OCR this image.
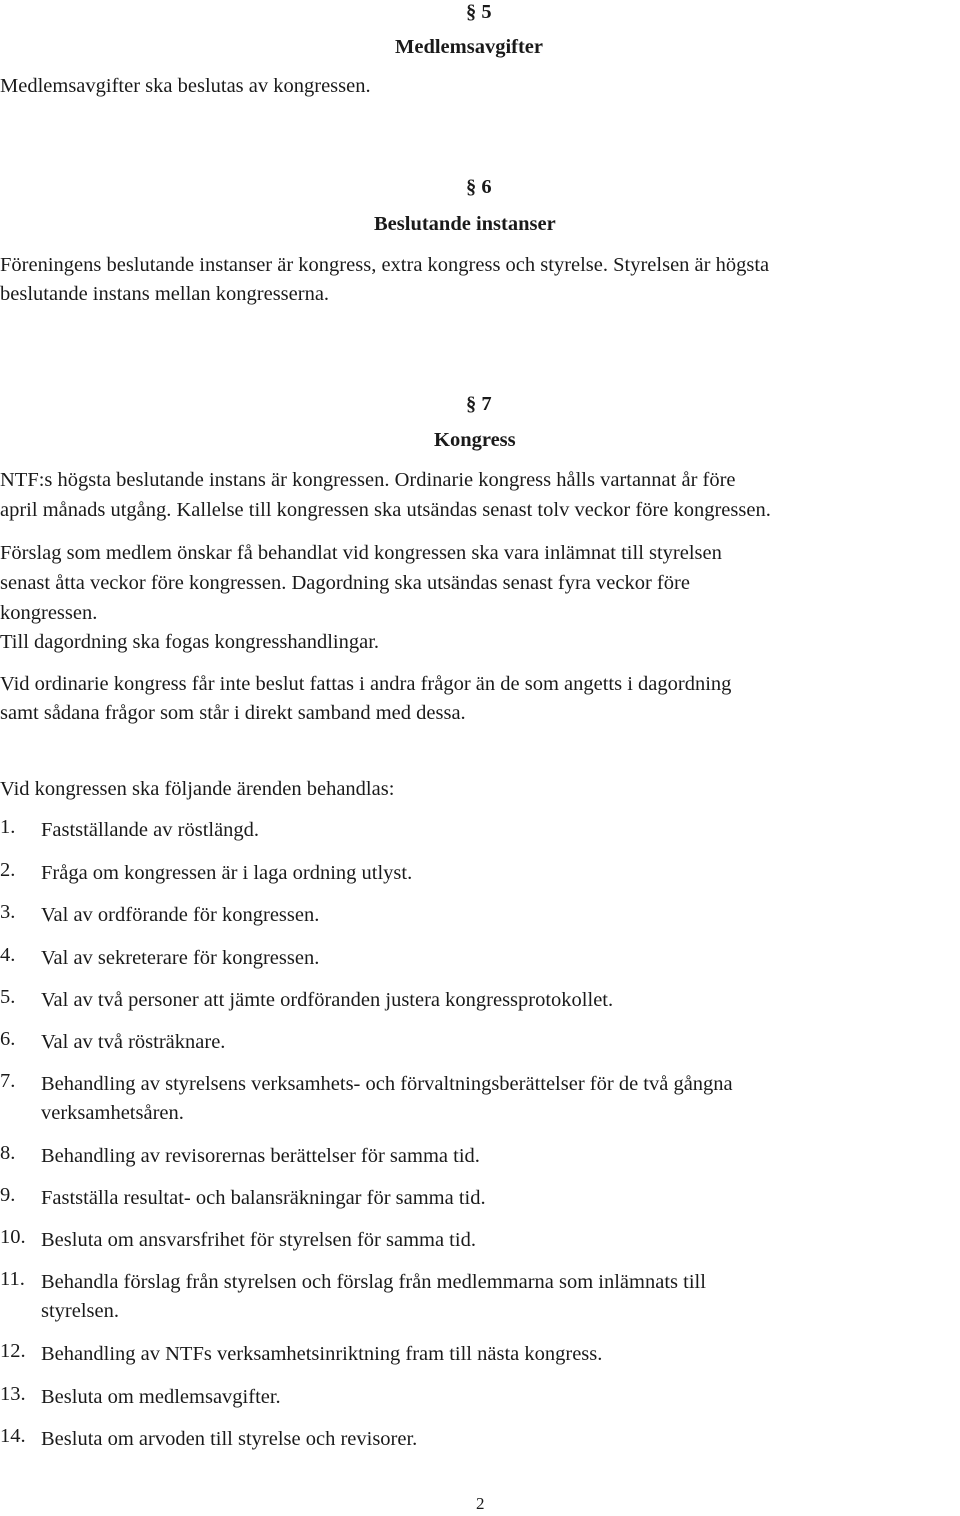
§ 5
Medlemsavgifter
Medlemsavgifter ska beslutas av kongressen.
§ 6
Beslutande instanser
Föreningens beslutande instanser är kongress, extra kongress och styrelse. Styrelsen är högsta
beslutande instans mellan kongresserna.
§ 7
Kongress
NTF:s högsta beslutande instans är kongressen. Ordinarie kongress hålls vartannat år före
april månads utgång. Kallelse till kongressen ska utsändas senast tolv veckor före kongressen.
Förslag som medlem önskar få behandlat vid kongressen ska vara inlämnat till styrelsen
senast åtta veckor före kongressen. Dagordning ska utsändas senast fyra veckor före
kongressen.
Till dagordning ska fogas kongresshandlingar.
Vid ordinarie kongress får inte beslut fattas i andra frågor än de som angetts i dagordning
samt sådana frågor som står i direkt samband med dessa.
Vid kongressen ska följande ärenden behandlas:
1. Fastställande av röstlängd.
2. Fråga om kongressen är i laga ordning utlyst.
3. Val av ordförande för kongressen.
4. Val av sekreterare för kongressen.
5. Val av två personer att jämte ordföranden justera kongressprotokollet.
6. Val av två rösträknare.
7. Behandling av styrelsens verksamhets- och förvaltningsberättelser för de två gångna
verksamhetsåren.
8. Behandling av revisorernas berättelser för samma tid.
9. Fastställa resultat- och balansräkningar för samma tid.
10. Besluta om ansvarsfrihet för styrelsen för samma tid.
11. Behandla förslag från styrelsen och förslag från medlemmarna som inlämnats till
styrelsen.
12. Behandling av NTFs verksamhetsinriktning fram till nästa kongress.
13. Besluta om medlemsavgifter.
14. Besluta om arvoden till styrelse och revisorer.
2
